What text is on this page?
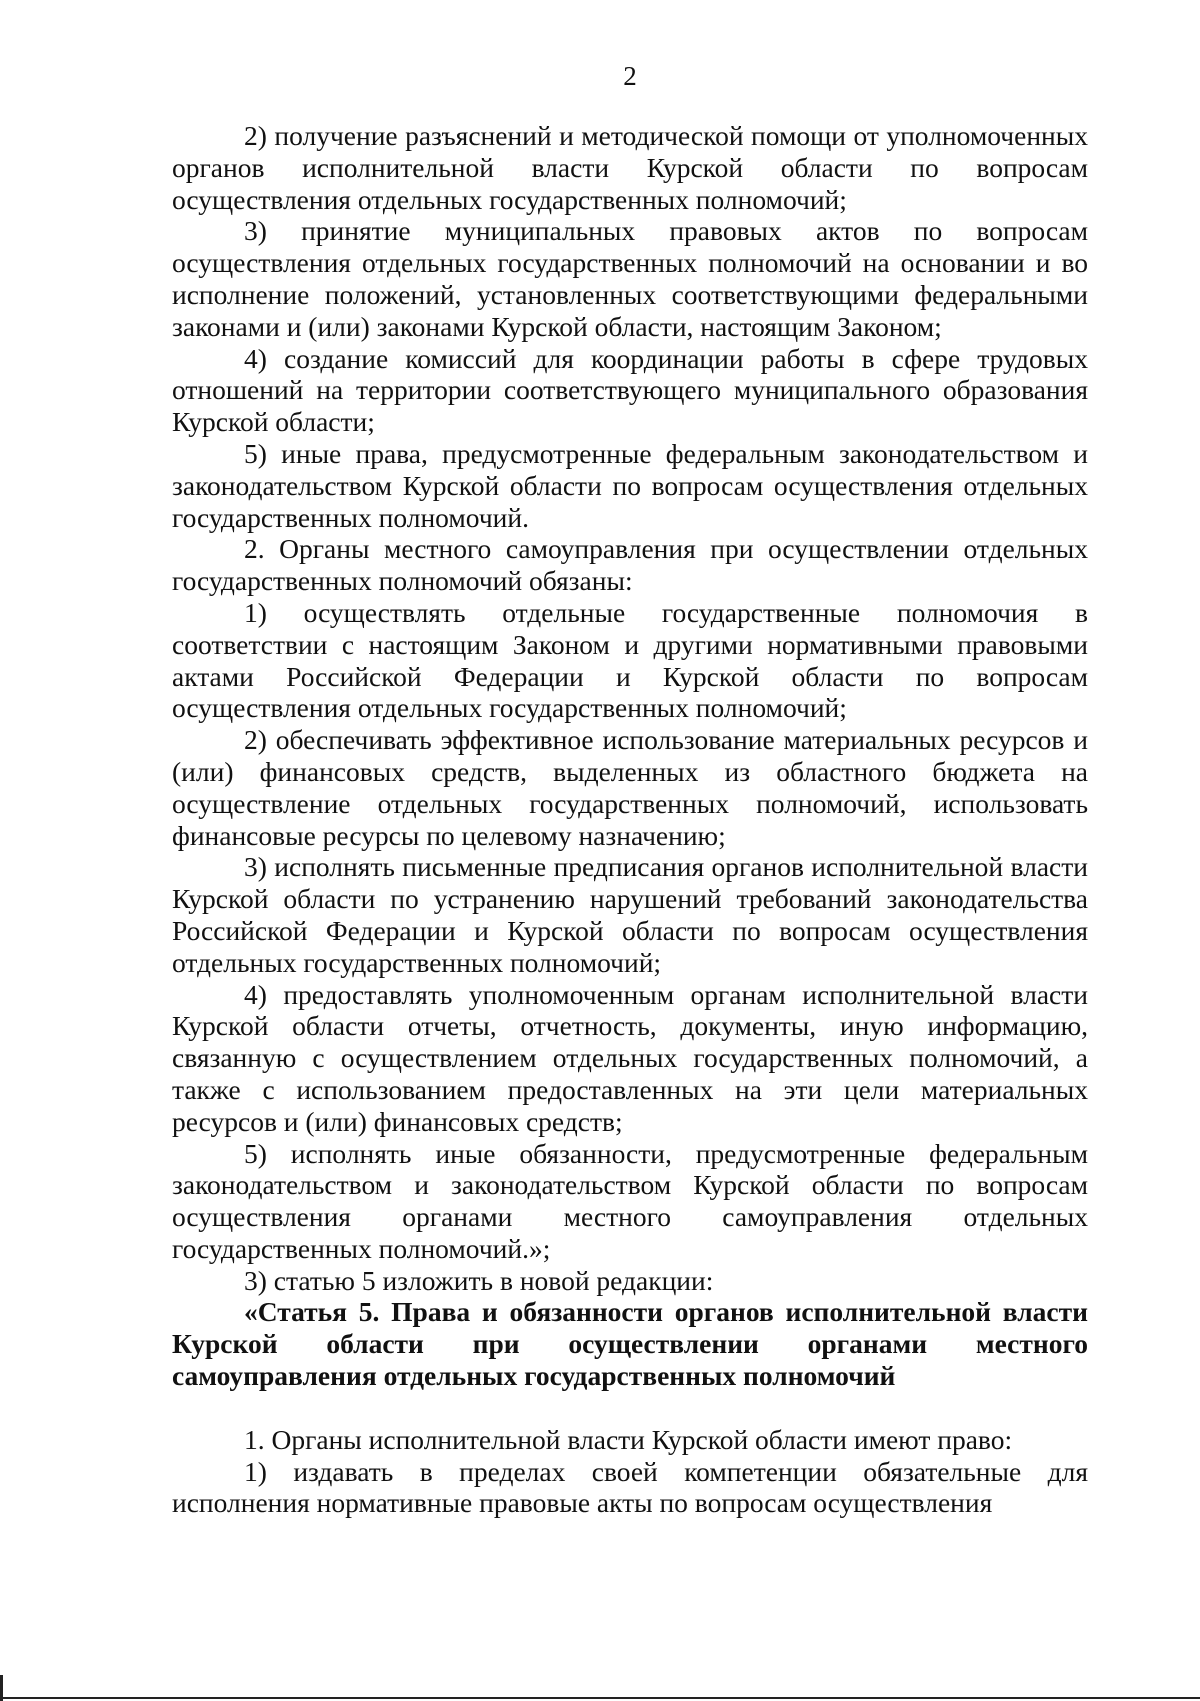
2

2) получение разъяснений и методической помощи от уполномоченных органов исполнительной власти Курской области по вопросам осуществления отдельных государственных полномочий;

3) принятие муниципальных правовых актов по вопросам осуществления отдельных государственных полномочий на основании и во исполнение положений, установленных соответствующими федеральными законами и (или) законами Курской области, настоящим Законом;

4) создание комиссий для координации работы в сфере трудовых отношений на территории соответствующего муниципального образования Курской области;

5) иные права, предусмотренные федеральным законодательством и законодательством Курской области по вопросам осуществления отдельных государственных полномочий.

2. Органы местного самоуправления при осуществлении отдельных государственных полномочий обязаны:

1) осуществлять отдельные государственные полномочия в соответствии с настоящим Законом и другими нормативными правовыми актами Российской Федерации и Курской области по вопросам осуществления отдельных государственных полномочий;

2) обеспечивать эффективное использование материальных ресурсов и (или) финансовых средств, выделенных из областного бюджета на осуществление отдельных государственных полномочий, использовать финансовые ресурсы по целевому назначению;

3) исполнять письменные предписания органов исполнительной власти Курской области по устранению нарушений требований законодательства Российской Федерации и Курской области по вопросам осуществления отдельных государственных полномочий;

4) предоставлять уполномоченным органам исполнительной власти Курской области отчеты, отчетность, документы, иную информацию, связанную с осуществлением отдельных государственных полномочий, а также с использованием предоставленных на эти цели материальных ресурсов и (или) финансовых средств;

5) исполнять иные обязанности, предусмотренные федеральным законодательством и законодательством Курской области по вопросам осуществления органами местного самоуправления отдельных государственных полномочий.»;

3) статью 5 изложить в новой редакции:

«Статья 5. Права и обязанности органов исполнительной власти Курской области при осуществлении органами местного самоуправления отдельных государственных полномочий

1. Органы исполнительной власти Курской области имеют право:

1) издавать в пределах своей компетенции обязательные для исполнения нормативные правовые акты по вопросам осуществления
